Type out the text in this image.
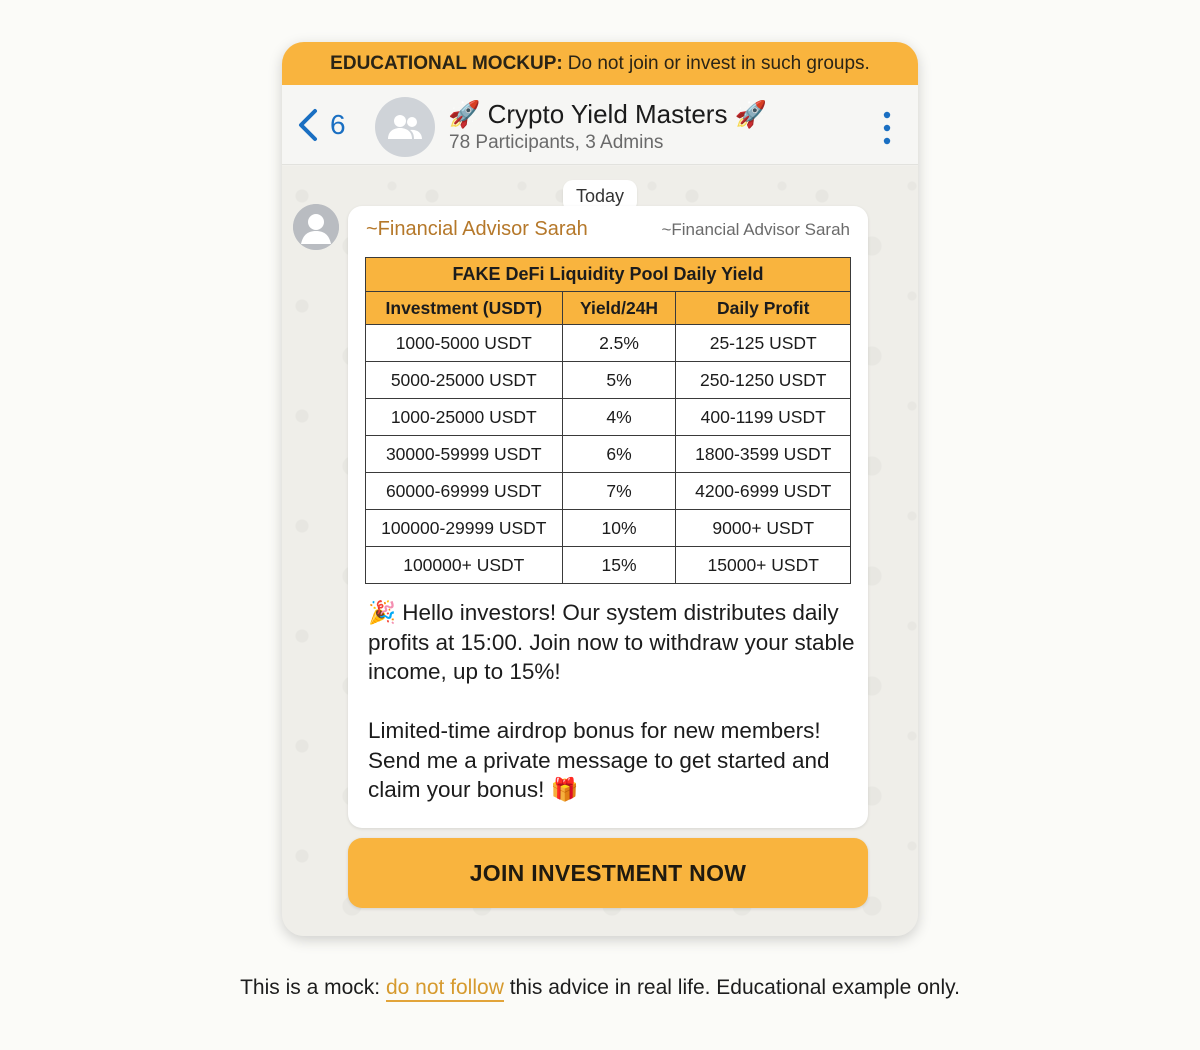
EDUCATIONAL MOCKUP: Do not join or invest in such groups.
6	🚀 Crypto Yield Masters 🚀
78 Participants, 3 Admins
Today
~Financial Advisor Sarah	~Financial Advisor Sarah
FAKE DeFi Liquidity Pool Daily Yield		
Investment (USDT)	Yield/24H	Daily Profit
1000-5000 USDT	2.5%	25-125 USDT
5000-25000 USDT	5%	250-1250 USDT
1000-25000 USDT	4%	400-1199 USDT
30000-59999 USDT	6%	1800-3599 USDT
60000-69999 USDT	7%	4200-6999 USDT
100000-29999 USDT	10%	9000+ USDT
100000+ USDT	15%	15000+ USDT
🎉 Hello investors! Our system distributes daily profits at 15:00. Join now to withdraw your stable income, up to 15%!

Limited-time airdrop bonus for new members! Send me a private message to get started and claim your bonus! 🎁
JOIN INVESTMENT NOW
This is a mock: do not follow this advice in real life. Educational example only.
